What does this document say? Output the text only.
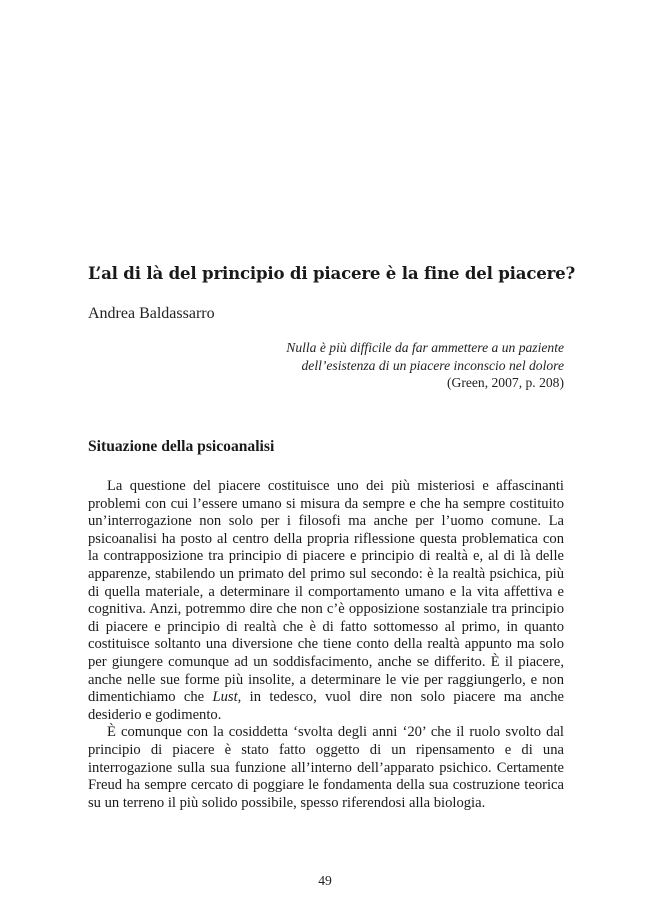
L’al di là del principio di piacere è la fine del piacere?

Andrea Baldassarro

Nulla è più difficile da far ammettere a un paziente
dell’esistenza di un piacere inconscio nel dolore
(Green, 2007, p. 208)
Situazione della psicoanalisi

La questione del piacere costituisce uno dei più misteriosi e affascinanti problemi con cui l’essere umano si misura da sempre e che ha sempre costituito un’interrogazione non solo per i filosofi ma anche per l’uomo comune. La psicoanalisi ha posto al centro della propria riflessione questa problematica con la contrapposizione tra principio di piacere e principio di realtà e, al di là delle apparenze, stabilendo un primato del primo sul secondo: è la realtà psichica, più di quella materiale, a determinare il comportamento umano e la vita affettiva e cognitiva. Anzi, potremmo dire che non c’è opposizione sostanziale tra principio di piacere e principio di realtà che è di fatto sottomesso al primo, in quanto costituisce soltanto una diversione che tiene conto della realtà appunto ma solo per giungere comunque ad un soddisfacimento, anche se differito. È il piacere, anche nelle sue forme più insolite, a determinare le vie per raggiungerlo, e non dimentichiamo che Lust, in tedesco, vuol dire non solo piacere ma anche desiderio e godimento.

È comunque con la cosiddetta ‘svolta degli anni ‘20’ che il ruolo svolto dal principio di piacere è stato fatto oggetto di un ripensamento e di una interrogazione sulla sua funzione all’interno dell’apparato psichico. Certamente Freud ha sempre cercato di poggiare le fondamenta della sua costruzione teorica su un terreno il più solido possibile, spesso riferendosi alla biologia.

49
